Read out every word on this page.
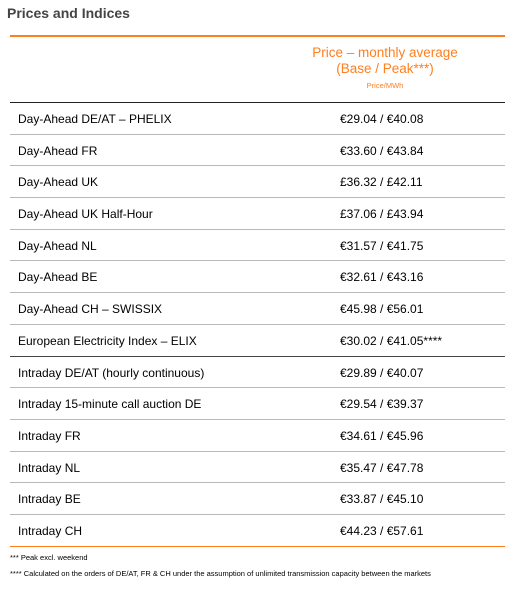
Prices and Indices
Price – monthly average
(Base / Peak***)
Price/MWh
Day-Ahead DE/AT – PHELIX	€29.04 / €40.08
Day-Ahead FR	€33.60 / €43.84
Day-Ahead UK	£36.32 / £42.11
Day-Ahead UK Half-Hour	£37.06 / £43.94
Day-Ahead NL	€31.57 / €41.75
Day-Ahead BE	€32.61 / €43.16
Day-Ahead CH – SWISSIX	€45.98 / €56.01
European Electricity Index – ELIX	€30.02 / €41.05****
Intraday DE/AT (hourly continuous)	€29.89 / €40.07
Intraday 15-minute call auction DE	€29.54 / €39.37
Intraday FR	€34.61 / €45.96
Intraday NL	€35.47 / €47.78
Intraday BE	€33.87 / €45.10
Intraday CH	€44.23 / €57.61
*** Peak excl. weekend
**** Calculated on the orders of DE/AT, FR & CH under the assumption of unlimited transmission capacity between the markets
